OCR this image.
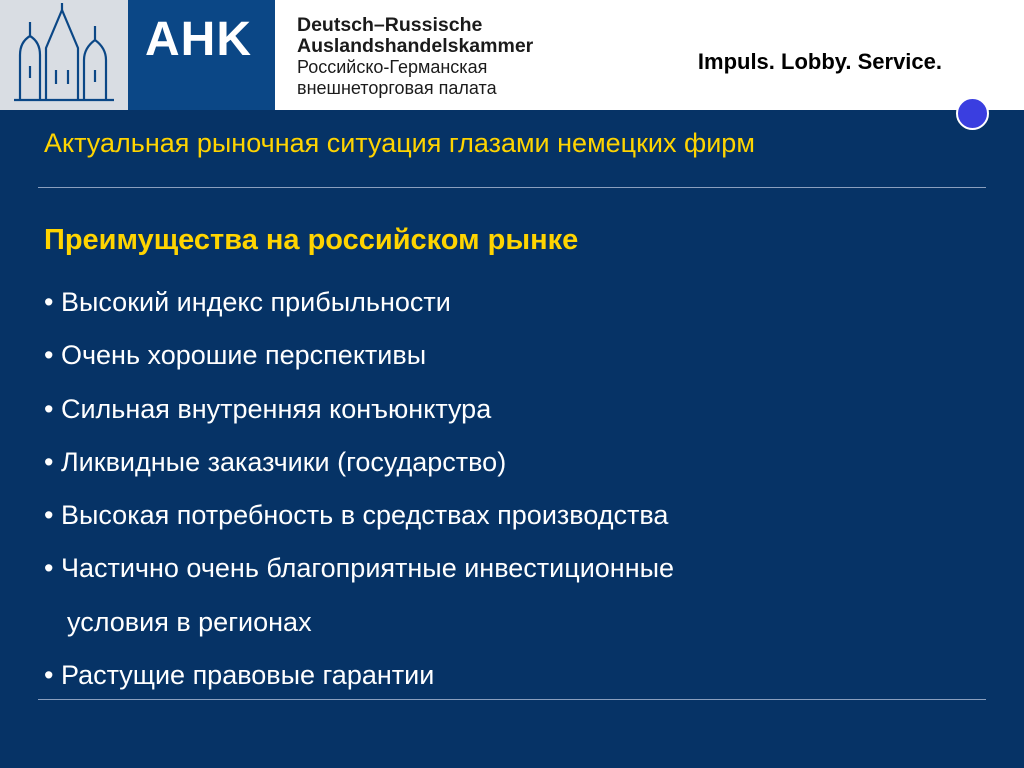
AHK Deutsch–Russische
Auslandshandelskammer
Российско-Германская
внешнеторговая палата
Impuls. Lobby. Service.
Актуальная рыночная ситуация глазами немецких фирм
Преимущества на российском рынке
• Высокий индекс прибыльности
• Очень хорошие перспективы
• Сильная внутренняя конъюнктура
• Ликвидные заказчики (государство)
• Высокая потребность в средствах производства
• Частично очень благоприятные инвестиционные
условия в регионах
• Растущие правовые гарантии
